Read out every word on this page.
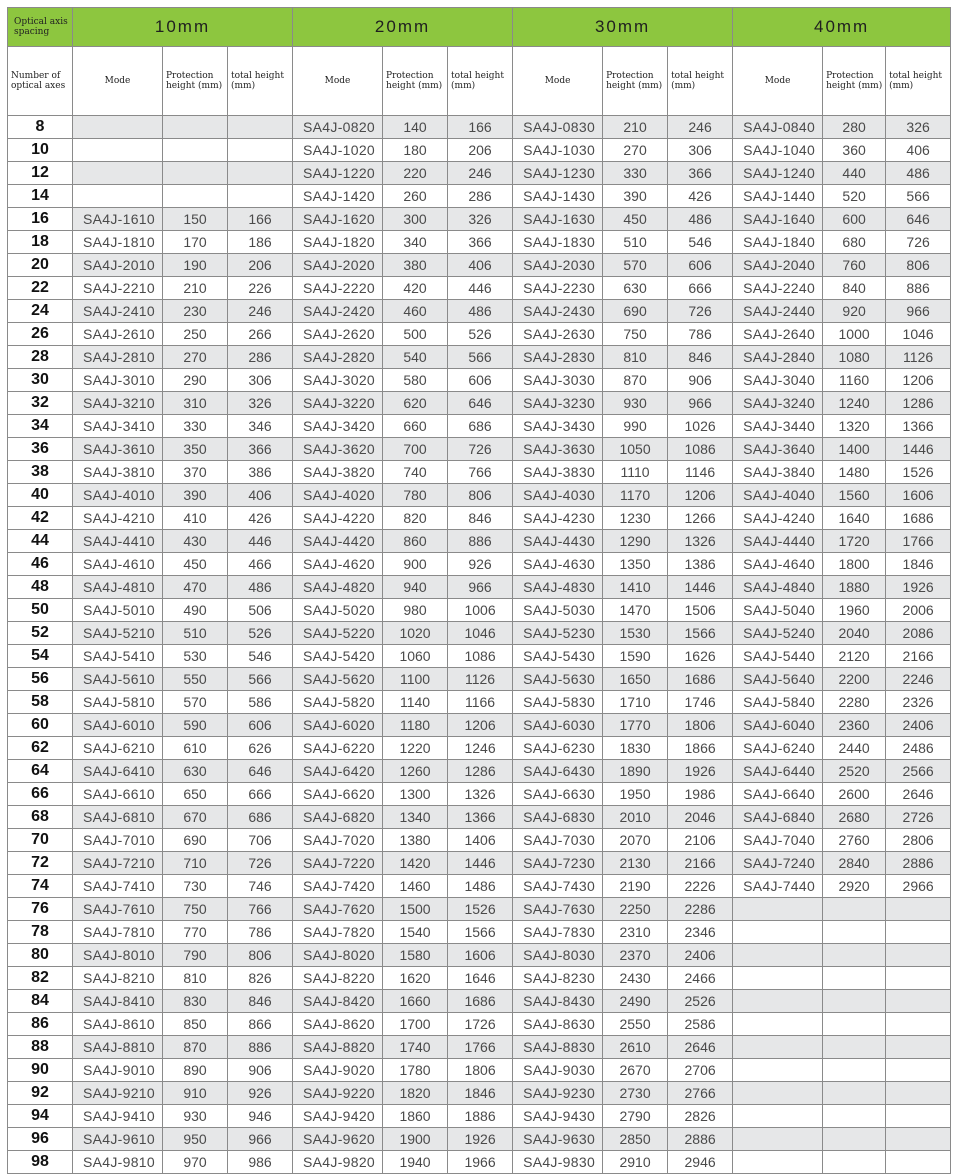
Optical axis spacing	10mm			20mm			30mm			40mm		
Number of optical axes	Mode	Protection height (mm)	total height (mm)	Mode	Protection height (mm)	total height (mm)	Mode	Protection height (mm)	total height (mm)	Mode	Protection height (mm)	total height (mm)
8				SA4J-0820	140	166	SA4J-0830	210	246	SA4J-0840	280	326
10				SA4J-1020	180	206	SA4J-1030	270	306	SA4J-1040	360	406
12				SA4J-1220	220	246	SA4J-1230	330	366	SA4J-1240	440	486
14				SA4J-1420	260	286	SA4J-1430	390	426	SA4J-1440	520	566
16	SA4J-1610	150	166	SA4J-1620	300	326	SA4J-1630	450	486	SA4J-1640	600	646
18	SA4J-1810	170	186	SA4J-1820	340	366	SA4J-1830	510	546	SA4J-1840	680	726
20	SA4J-2010	190	206	SA4J-2020	380	406	SA4J-2030	570	606	SA4J-2040	760	806
22	SA4J-2210	210	226	SA4J-2220	420	446	SA4J-2230	630	666	SA4J-2240	840	886
24	SA4J-2410	230	246	SA4J-2420	460	486	SA4J-2430	690	726	SA4J-2440	920	966
26	SA4J-2610	250	266	SA4J-2620	500	526	SA4J-2630	750	786	SA4J-2640	1000	1046
28	SA4J-2810	270	286	SA4J-2820	540	566	SA4J-2830	810	846	SA4J-2840	1080	1126
30	SA4J-3010	290	306	SA4J-3020	580	606	SA4J-3030	870	906	SA4J-3040	1160	1206
32	SA4J-3210	310	326	SA4J-3220	620	646	SA4J-3230	930	966	SA4J-3240	1240	1286
34	SA4J-3410	330	346	SA4J-3420	660	686	SA4J-3430	990	1026	SA4J-3440	1320	1366
36	SA4J-3610	350	366	SA4J-3620	700	726	SA4J-3630	1050	1086	SA4J-3640	1400	1446
38	SA4J-3810	370	386	SA4J-3820	740	766	SA4J-3830	1110	1146	SA4J-3840	1480	1526
40	SA4J-4010	390	406	SA4J-4020	780	806	SA4J-4030	1170	1206	SA4J-4040	1560	1606
42	SA4J-4210	410	426	SA4J-4220	820	846	SA4J-4230	1230	1266	SA4J-4240	1640	1686
44	SA4J-4410	430	446	SA4J-4420	860	886	SA4J-4430	1290	1326	SA4J-4440	1720	1766
46	SA4J-4610	450	466	SA4J-4620	900	926	SA4J-4630	1350	1386	SA4J-4640	1800	1846
48	SA4J-4810	470	486	SA4J-4820	940	966	SA4J-4830	1410	1446	SA4J-4840	1880	1926
50	SA4J-5010	490	506	SA4J-5020	980	1006	SA4J-5030	1470	1506	SA4J-5040	1960	2006
52	SA4J-5210	510	526	SA4J-5220	1020	1046	SA4J-5230	1530	1566	SA4J-5240	2040	2086
54	SA4J-5410	530	546	SA4J-5420	1060	1086	SA4J-5430	1590	1626	SA4J-5440	2120	2166
56	SA4J-5610	550	566	SA4J-5620	1100	1126	SA4J-5630	1650	1686	SA4J-5640	2200	2246
58	SA4J-5810	570	586	SA4J-5820	1140	1166	SA4J-5830	1710	1746	SA4J-5840	2280	2326
60	SA4J-6010	590	606	SA4J-6020	1180	1206	SA4J-6030	1770	1806	SA4J-6040	2360	2406
62	SA4J-6210	610	626	SA4J-6220	1220	1246	SA4J-6230	1830	1866	SA4J-6240	2440	2486
64	SA4J-6410	630	646	SA4J-6420	1260	1286	SA4J-6430	1890	1926	SA4J-6440	2520	2566
66	SA4J-6610	650	666	SA4J-6620	1300	1326	SA4J-6630	1950	1986	SA4J-6640	2600	2646
68	SA4J-6810	670	686	SA4J-6820	1340	1366	SA4J-6830	2010	2046	SA4J-6840	2680	2726
70	SA4J-7010	690	706	SA4J-7020	1380	1406	SA4J-7030	2070	2106	SA4J-7040	2760	2806
72	SA4J-7210	710	726	SA4J-7220	1420	1446	SA4J-7230	2130	2166	SA4J-7240	2840	2886
74	SA4J-7410	730	746	SA4J-7420	1460	1486	SA4J-7430	2190	2226	SA4J-7440	2920	2966
76	SA4J-7610	750	766	SA4J-7620	1500	1526	SA4J-7630	2250	2286			
78	SA4J-7810	770	786	SA4J-7820	1540	1566	SA4J-7830	2310	2346			
80	SA4J-8010	790	806	SA4J-8020	1580	1606	SA4J-8030	2370	2406			
82	SA4J-8210	810	826	SA4J-8220	1620	1646	SA4J-8230	2430	2466			
84	SA4J-8410	830	846	SA4J-8420	1660	1686	SA4J-8430	2490	2526			
86	SA4J-8610	850	866	SA4J-8620	1700	1726	SA4J-8630	2550	2586			
88	SA4J-8810	870	886	SA4J-8820	1740	1766	SA4J-8830	2610	2646			
90	SA4J-9010	890	906	SA4J-9020	1780	1806	SA4J-9030	2670	2706			
92	SA4J-9210	910	926	SA4J-9220	1820	1846	SA4J-9230	2730	2766			
94	SA4J-9410	930	946	SA4J-9420	1860	1886	SA4J-9430	2790	2826			
96	SA4J-9610	950	966	SA4J-9620	1900	1926	SA4J-9630	2850	2886			
98	SA4J-9810	970	986	SA4J-9820	1940	1966	SA4J-9830	2910	2946			
